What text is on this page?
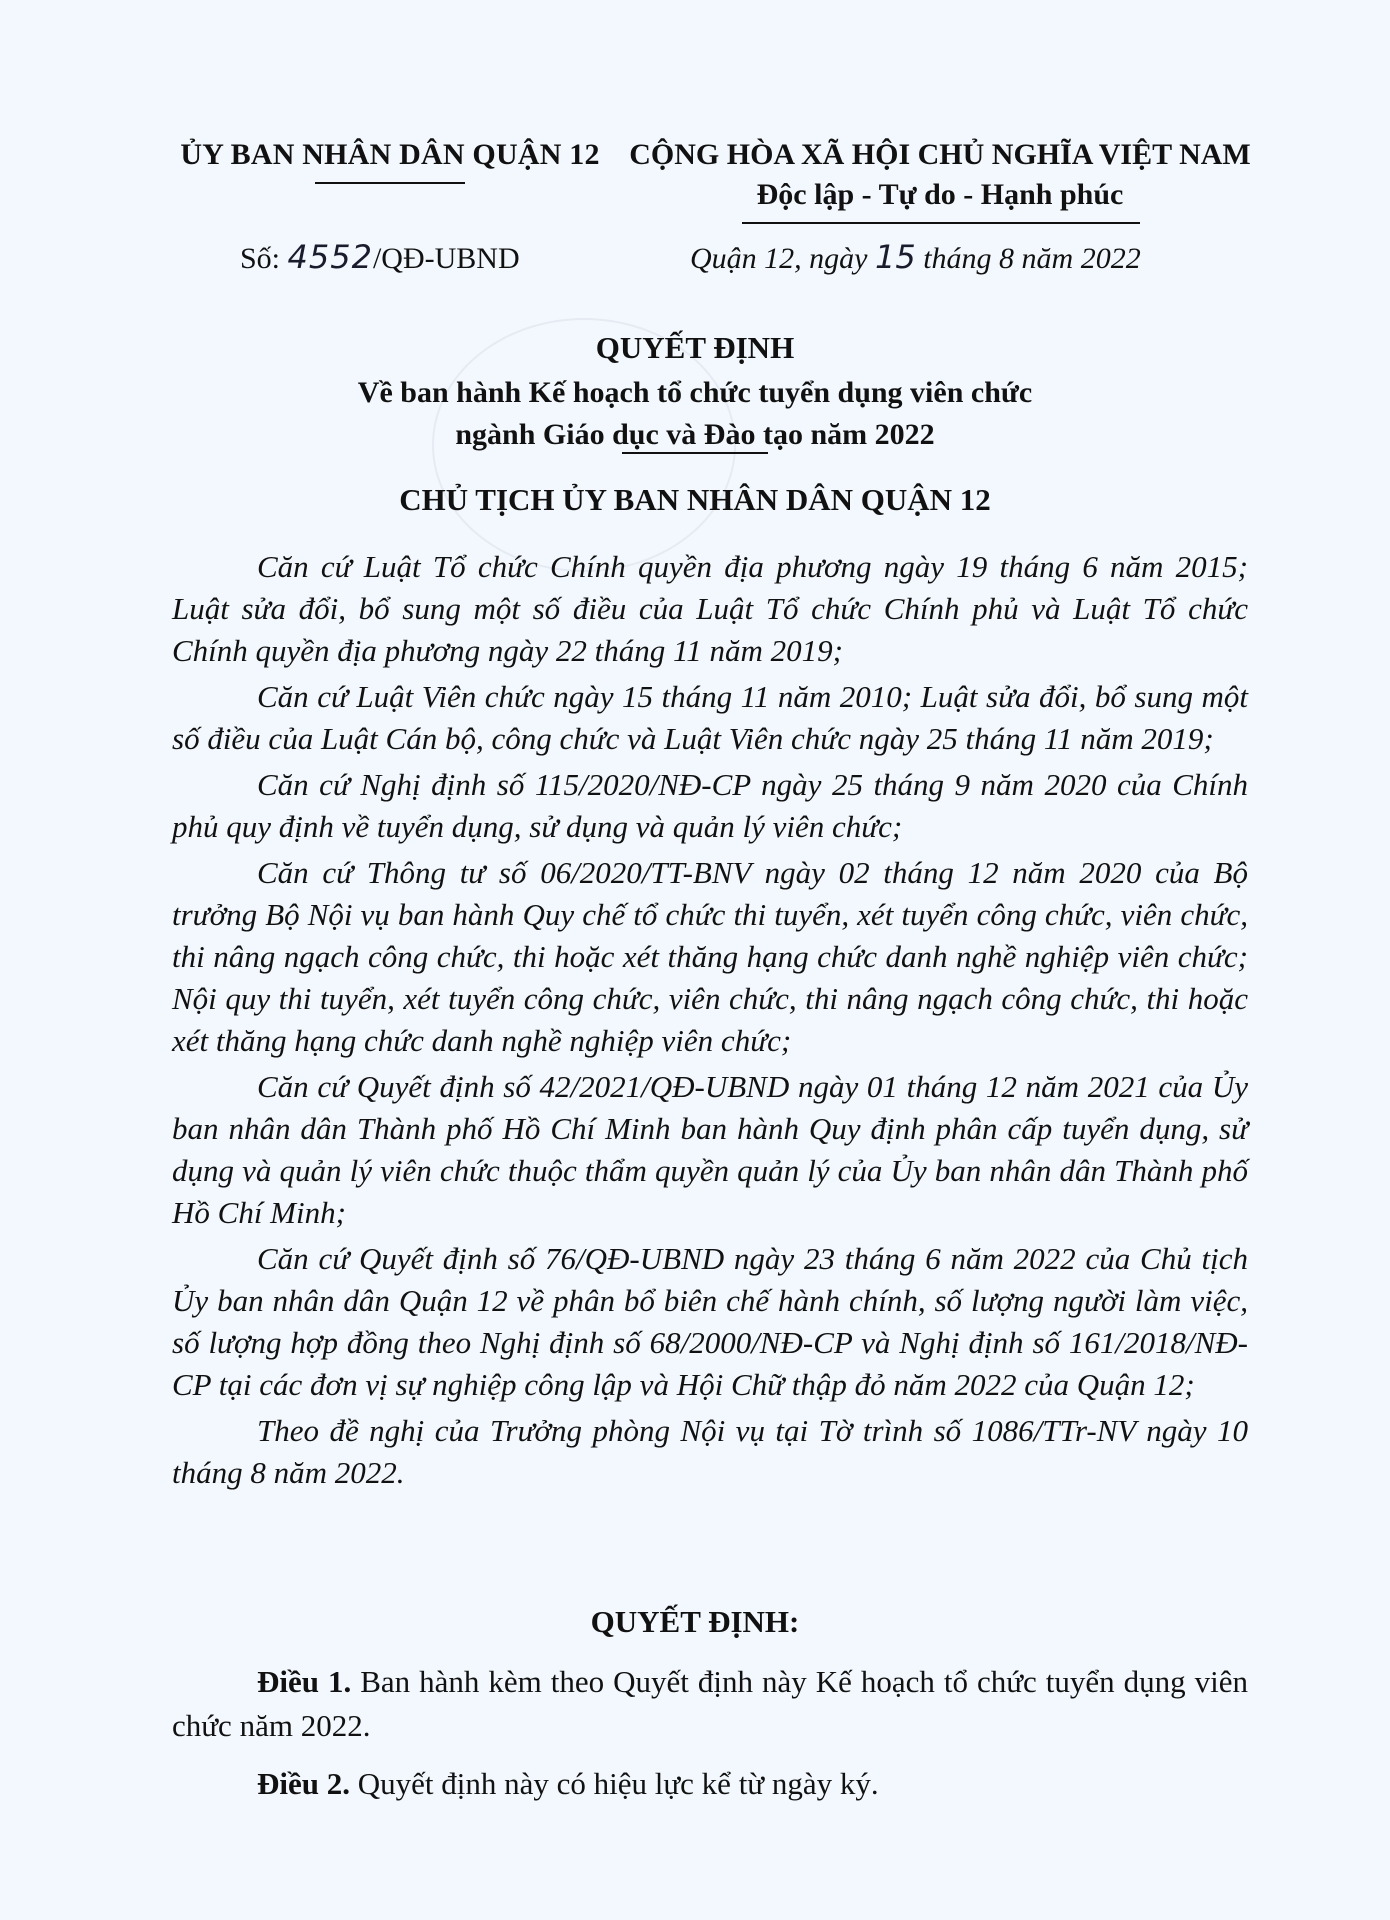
ỦY BAN NHÂN DÂN QUẬN 12 CỘNG HÒA XÃ HỘI CHỦ NGHĨA VIỆT NAM
Độc lập - Tự do - Hạnh phúc
Số: 4552/QĐ-UBND	Quận 12, ngày 15 tháng 8 năm 2022
QUYẾT ĐỊNH
Về ban hành Kế hoạch tổ chức tuyển dụng viên chức
ngành Giáo dục và Đào tạo năm 2022
CHỦ TỊCH ỦY BAN NHÂN DÂN QUẬN 12

Căn cứ Luật Tổ chức Chính quyền địa phương ngày 19 tháng 6 năm 2015; Luật sửa đổi, bổ sung một số điều của Luật Tổ chức Chính phủ và Luật Tổ chức Chính quyền địa phương ngày 22 tháng 11 năm 2019;

Căn cứ Luật Viên chức ngày 15 tháng 11 năm 2010; Luật sửa đổi, bổ sung một số điều của Luật Cán bộ, công chức và Luật Viên chức ngày 25 tháng 11 năm 2019;

Căn cứ Nghị định số 115/2020/NĐ-CP ngày 25 tháng 9 năm 2020 của Chính phủ quy định về tuyển dụng, sử dụng và quản lý viên chức;

Căn cứ Thông tư số 06/2020/TT-BNV ngày 02 tháng 12 năm 2020 của Bộ trưởng Bộ Nội vụ ban hành Quy chế tổ chức thi tuyển, xét tuyển công chức, viên chức, thi nâng ngạch công chức, thi hoặc xét thăng hạng chức danh nghề nghiệp viên chức; Nội quy thi tuyển, xét tuyển công chức, viên chức, thi nâng ngạch công chức, thi hoặc xét thăng hạng chức danh nghề nghiệp viên chức;

Căn cứ Quyết định số 42/2021/QĐ-UBND ngày 01 tháng 12 năm 2021 của Ủy ban nhân dân Thành phố Hồ Chí Minh ban hành Quy định phân cấp tuyển dụng, sử dụng và quản lý viên chức thuộc thẩm quyền quản lý của Ủy ban nhân dân Thành phố Hồ Chí Minh;

Căn cứ Quyết định số 76/QĐ-UBND ngày 23 tháng 6 năm 2022 của Chủ tịch Ủy ban nhân dân Quận 12 về phân bổ biên chế hành chính, số lượng người làm việc, số lượng hợp đồng theo Nghị định số 68/2000/NĐ-CP và Nghị định số 161/2018/NĐ-CP tại các đơn vị sự nghiệp công lập và Hội Chữ thập đỏ năm 2022 của Quận 12;

Theo đề nghị của Trưởng phòng Nội vụ tại Tờ trình số 1086/TTr-NV ngày 10 tháng 8 năm 2022.

QUYẾT ĐỊNH:

Điều 1. Ban hành kèm theo Quyết định này Kế hoạch tổ chức tuyển dụng viên chức năm 2022.

Điều 2. Quyết định này có hiệu lực kể từ ngày ký.
